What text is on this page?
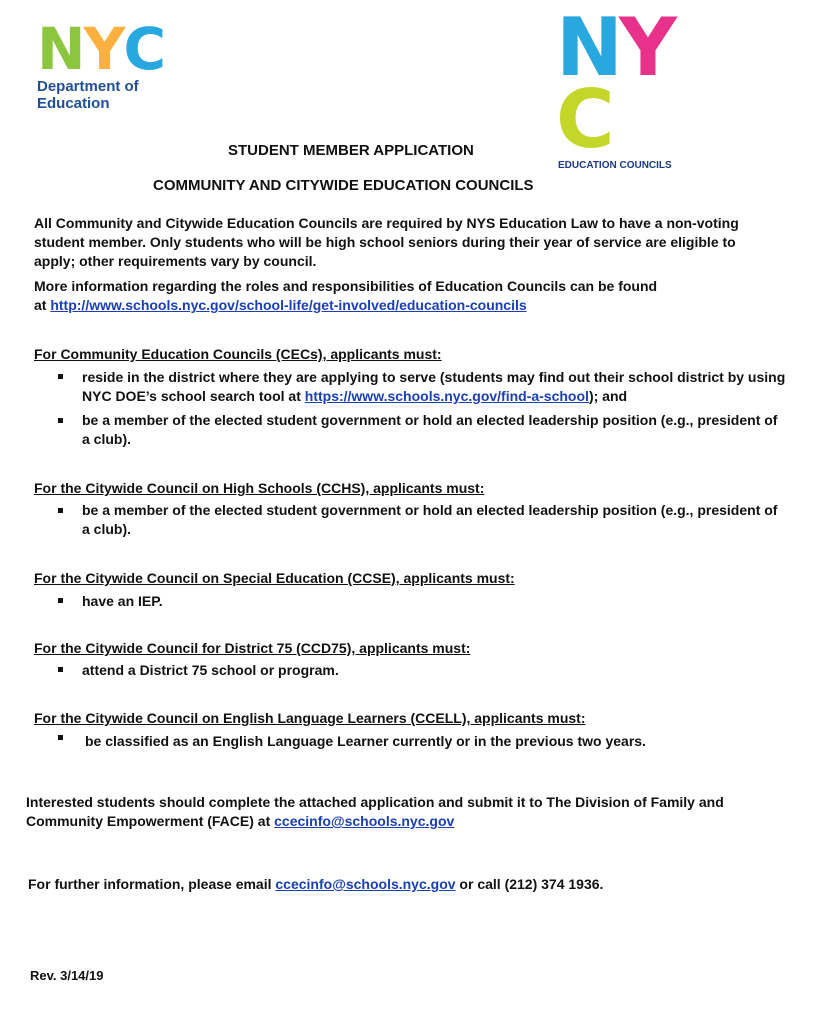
NYC
Department of
Education
NYC
EDUCATION COUNCILS
STUDENT MEMBER APPLICATION
COMMUNITY AND CITYWIDE EDUCATION COUNCILS
All Community and Citywide Education Councils are required by NYS Education Law to have a non-voting
student member. Only students who will be high school seniors during their year of service are eligible to
apply; other requirements vary by council.
More information regarding the roles and responsibilities of Education Councils can be found
at http://www.schools.nyc.gov/school-life/get-involved/education-councils
For Community Education Councils (CECs), applicants must:
reside in the district where they are applying to serve (students may find out their school district by using
NYC DOE’s school search tool at https://www.schools.nyc.gov/find-a-school); and
be a member of the elected student government or hold an elected leadership position (e.g., president of
a club).
For the Citywide Council on High Schools (CCHS), applicants must:
be a member of the elected student government or hold an elected leadership position (e.g., president of
a club).
For the Citywide Council on Special Education (CCSE), applicants must:
have an IEP.
For the Citywide Council for District 75 (CCD75), applicants must:
attend a District 75 school or program.
For the Citywide Council on English Language Learners (CCELL), applicants must:
be classified as an English Language Learner currently or in the previous two years.
Interested students should complete the attached application and submit it to The Division of Family and
Community Empowerment (FACE) at ccecinfo@schools.nyc.gov
For further information, please email ccecinfo@schools.nyc.gov or call (212) 374 1936.
Rev. 3/14/19
